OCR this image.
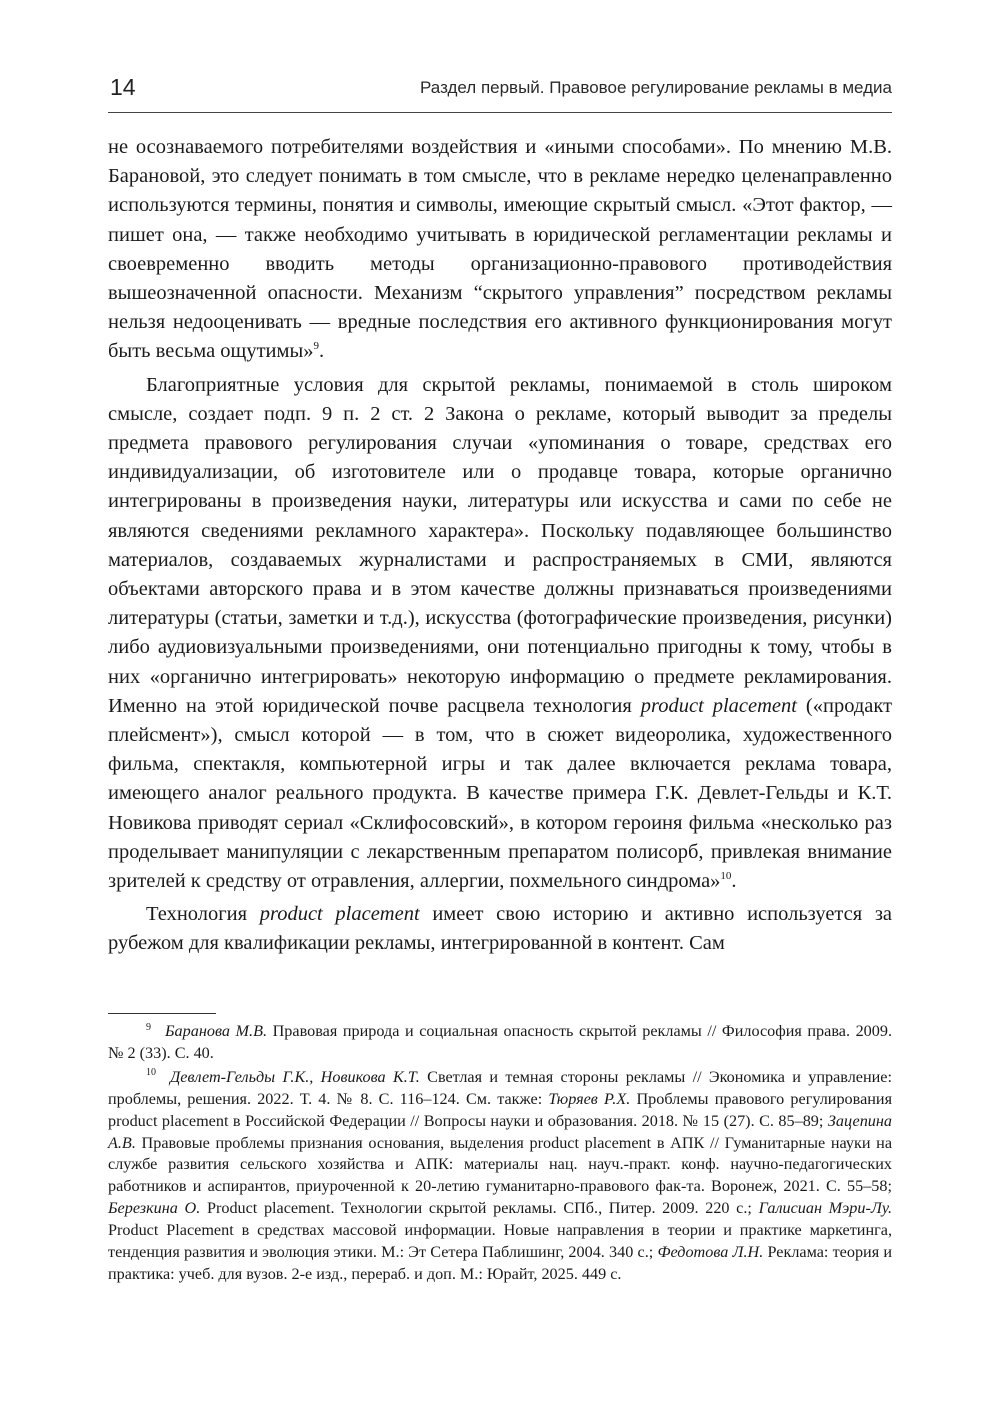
14	Раздел первый. Правовое регулирование рекламы в медиа

не осознаваемого потребителями воздействия и «иными способами». По мнению М.В. Барановой, это следует понимать в том смысле, что в рекламе нередко целенаправленно используются термины, понятия и символы, имеющие скрытый смысл. «Этот фактор, — пишет она, — также необходимо учитывать в юридической регламентации рекламы и своевременно вводить методы организационно-правового противодействия вышеозначенной опасности. Механизм “скрытого управления” посредством рекламы нельзя недооценивать — вредные последствия его активного функционирования могут быть весьма ощутимы»$^9$.

Благоприятные условия для скрытой рекламы, понимаемой в столь широком смысле, создает подп. 9 п. 2 ст. 2 Закона о рекламе, который выводит за пределы предмета правового регулирования случаи «упоминания о товаре, средствах его индивидуализации, об изготовителе или о продавце товара, которые органично интегрированы в произведения науки, литературы или искусства и сами по себе не являются сведениями рекламного характера». Поскольку подавляющее большинство материалов, создаваемых журналистами и распространяемых в СМИ, являются объектами авторского права и в этом качестве должны признаваться произведениями литературы (статьи, заметки и т.д.), искусства (фотографические произведения, рисунки) либо аудиовизуальными произведениями, они потенциально пригодны к тому, чтобы в них «органично интегрировать» некоторую информацию о предмете рекламирования. Именно на этой юридической почве расцвела технология product placement («продакт плейсмент»), смысл которой — в том, что в сюжет видеоролика, художественного фильма, спектакля, компьютерной игры и так далее включается реклама товара, имеющего аналог реального продукта. В качестве примера Г.К. Девлет-Гельды и К.Т. Новикова приводят сериал «Склифосовский», в котором героиня фильма «несколько раз проделывает манипуляции с лекарственным препаратом полисорб, привлекая внимание зрителей к средству от отравления, аллергии, похмельного синдрома»$^{10}$.

Технология product placement имеет свою историю и активно используется за рубежом для квалификации рекламы, интегрированной в контент. Сам

$^9$ Баранова М.В. Правовая природа и социальная опасность скрытой рекламы // Философия права. 2009. № 2 (33). С. 40.

$^{10}$ Девлет-Гельды Г.К., Новикова К.Т. Светлая и темная стороны рекламы // Экономика и управление: проблемы, решения. 2022. Т. 4. № 8. С. 116–124. См. также: Тюряев Р.Х. Проблемы правового регулирования product placement в Российской Федерации // Вопросы науки и образования. 2018. № 15 (27). С. 85–89; Зацепина А.В. Правовые проблемы признания основания, выделения product placement в АПК // Гуманитарные науки на службе развития сельского хозяйства и АПК: материалы нац. науч.-практ. конф. научно-педагогических работников и аспирантов, приуроченной к 20-летию гуманитарно-правового фак-та. Воронеж, 2021. С. 55–58; Березкина О. Product placement. Технологии скрытой рекламы. СПб., Питер. 2009. 220 с.; Галисиан Мэри-Лу. Product Placement в средствах массовой информации. Новые направления в теории и практике маркетинга, тенденция развития и эволюция этики. М.: Эт Сетера Паблишинг, 2004. 340 с.; Федотова Л.Н. Реклама: теория и практика: учеб. для вузов. 2-е изд., перераб. и доп. М.: Юрайт, 2025. 449 с.
